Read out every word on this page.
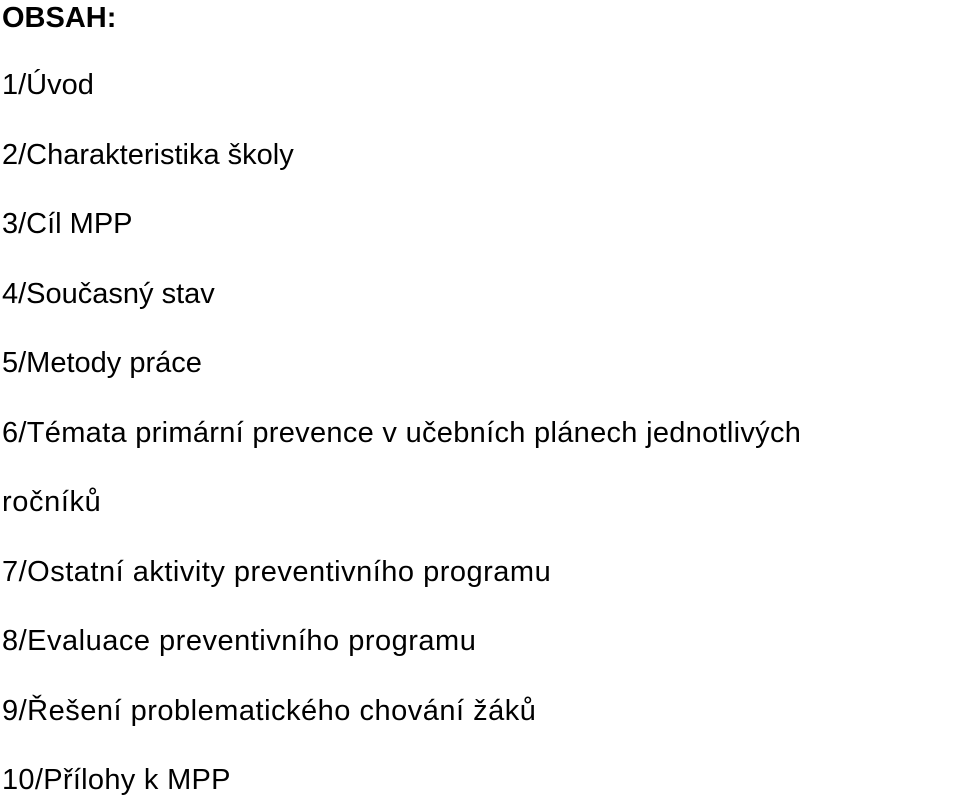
OBSAH:
1/Úvod
2/Charakteristika školy
3/Cíl MPP
4/Současný stav
5/Metody práce
6/Témata primární prevence v učebních plánech jednotlivých
ročníků
7/Ostatní aktivity preventivního programu
8/Evaluace preventivního programu
9/Řešení problematického chování žáků
10/Přílohy k MPP
